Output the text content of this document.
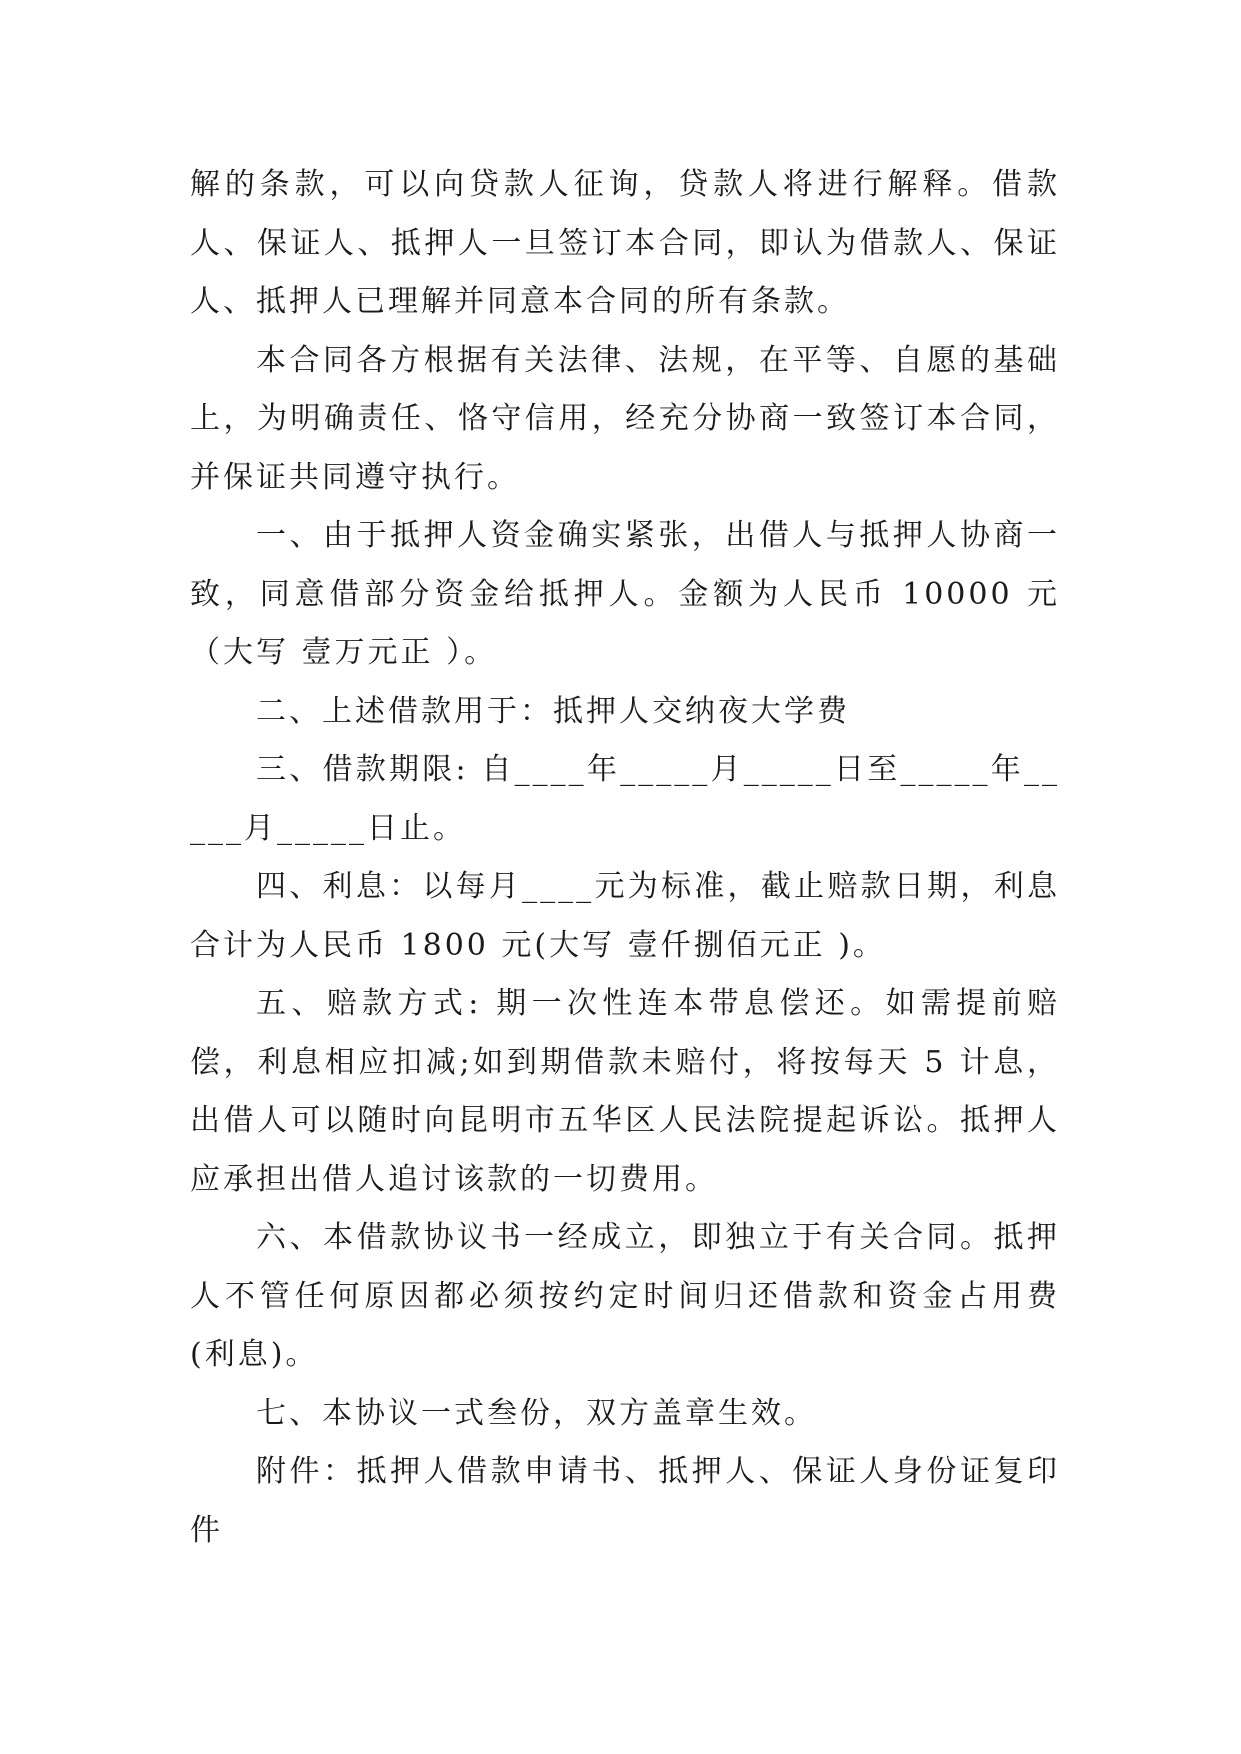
解的条款，可以向贷款人征询，贷款人将进行解释。借款人、保证人、抵押人一旦签订本合同，即认为借款人、保证人、抵押人已理解并同意本合同的所有条款。

本合同各方根据有关法律、法规，在平等、自愿的基础上，为明确责任、恪守信用，经充分协商一致签订本合同，并保证共同遵守执行。

一、由于抵押人资金确实紧张，出借人与抵押人协商一致，同意借部分资金给抵押人。金额为人民币 10000 元（大写 壹万元正 ）。

二、上述借款用于：抵押人交纳夜大学费

三、借款期限: 自____年_____月_____日至_____年_____月_____日止。

四、利息：以每月____元为标准，截止赔款日期，利息合计为人民币 1800 元(大写 壹仟捌佰元正 )。

五、赔款方式: 期一次性连本带息偿还。如需提前赔偿，利息相应扣减;如到期借款未赔付，将按每天 5 计息，出借人可以随时向昆明市五华区人民法院提起诉讼。抵押人应承担出借人追讨该款的一切费用。

六、本借款协议书一经成立，即独立于有关合同。抵押人不管任何原因都必须按约定时间归还借款和资金占用费(利息)。

七、本协议一式叁份，双方盖章生效。

附件：抵押人借款申请书、抵押人、保证人身份证复印件
